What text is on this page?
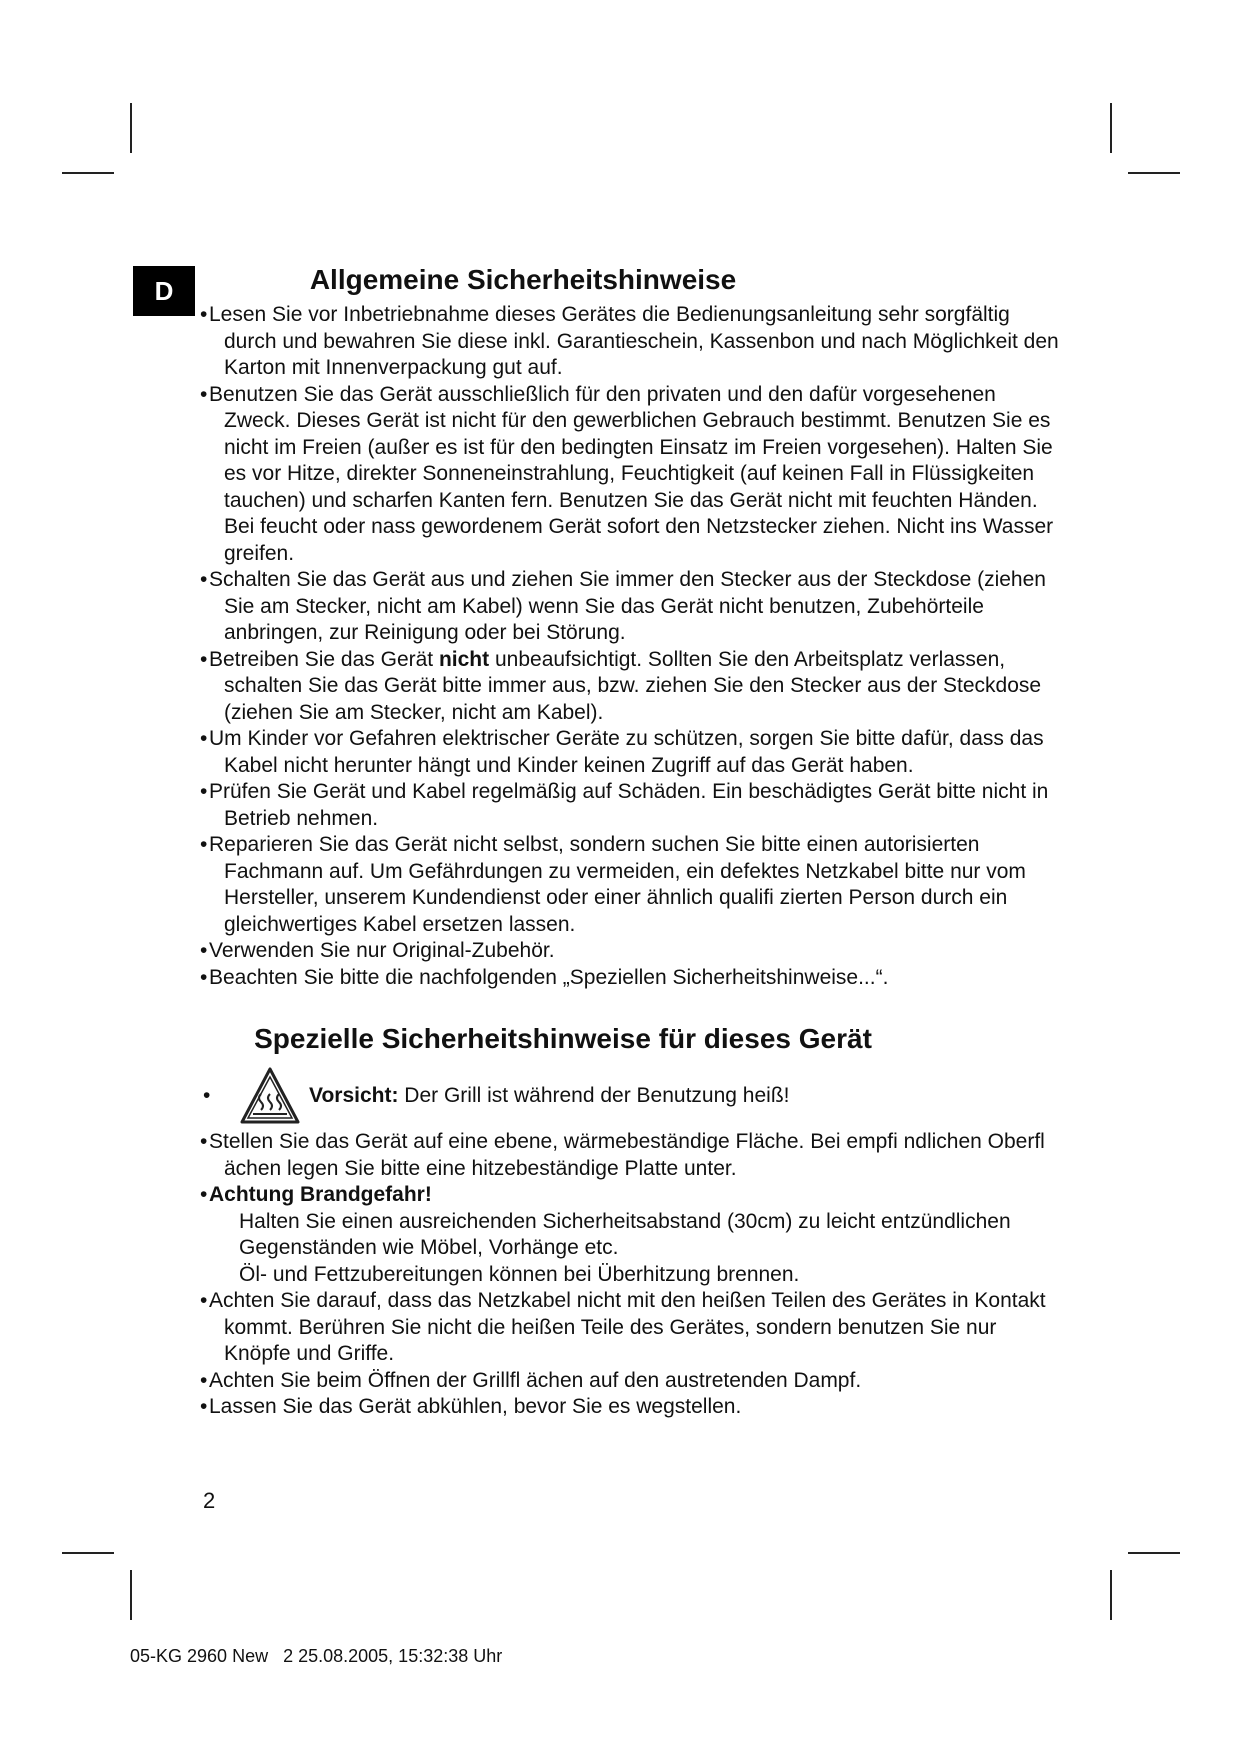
D	Allgemeine Sicherheitshinweise
• Lesen Sie vor Inbetriebnahme dieses Gerätes die Bedienungsanleitung sehr sorgfältig durch und bewahren Sie diese inkl. Garantieschein, Kassenbon und nach Möglichkeit den Karton mit Innenverpackung gut auf.
• Benutzen Sie das Gerät ausschließlich für den privaten und den dafür vorgesehenen Zweck. Dieses Gerät ist nicht für den gewerblichen Gebrauch bestimmt. Benutzen Sie es nicht im Freien (außer es ist für den bedingten Einsatz im Freien vorgesehen). Halten Sie es vor Hitze, direkter Sonneneinstrahlung, Feuchtigkeit (auf keinen Fall in Flüssigkeiten tauchen) und scharfen Kanten fern. Benutzen Sie das Gerät nicht mit feuchten Händen. Bei feucht oder nass gewordenem Gerät sofort den Netzstecker ziehen. Nicht ins Wasser greifen.
• Schalten Sie das Gerät aus und ziehen Sie immer den Stecker aus der Steckdose (ziehen Sie am Stecker, nicht am Kabel) wenn Sie das Gerät nicht benutzen, Zubehörteile anbringen, zur Reinigung oder bei Störung.
• Betreiben Sie das Gerät nicht unbeaufsichtigt. Sollten Sie den Arbeitsplatz verlassen, schalten Sie das Gerät bitte immer aus, bzw. ziehen Sie den Stecker aus der Steckdose (ziehen Sie am Stecker, nicht am Kabel).
• Um Kinder vor Gefahren elektrischer Geräte zu schützen, sorgen Sie bitte dafür, dass das Kabel nicht herunter hängt und Kinder keinen Zugriff auf das Gerät haben.
• Prüfen Sie Gerät und Kabel regelmäßig auf Schäden. Ein beschädigtes Gerät bitte nicht in Betrieb nehmen.
• Reparieren Sie das Gerät nicht selbst, sondern suchen Sie bitte einen autorisierten Fachmann auf. Um Gefährdungen zu vermeiden, ein defektes Netzkabel bitte nur vom Hersteller, unserem Kundendienst oder einer ähnlich qualifi zierten Person durch ein gleichwertiges Kabel ersetzen lassen.
• Verwenden Sie nur Original-Zubehör.
• Beachten Sie bitte die nachfolgenden „Speziellen Sicherheitshinweise...“.
Spezielle Sicherheitshinweise für dieses Gerät
•	Vorsicht: Der Grill ist während der Benutzung heiß!
• Stellen Sie das Gerät auf eine ebene, wärmebeständige Fläche. Bei empfi ndlichen Oberfl ächen legen Sie bitte eine hitzebeständige Platte unter.
• Achtung Brandgefahr!
Halten Sie einen ausreichenden Sicherheitsabstand (30cm) zu leicht entzündlichen Gegenständen wie Möbel, Vorhänge etc.
Öl- und Fettzubereitungen können bei Überhitzung brennen.
• Achten Sie darauf, dass das Netzkabel nicht mit den heißen Teilen des Gerätes in Kontakt kommt. Berühren Sie nicht die heißen Teile des Gerätes, sondern benutzen Sie nur Knöpfe und Griffe.
• Achten Sie beim Öffnen der Grillfl ächen auf den austretenden Dampf.
• Lassen Sie das Gerät abkühlen, bevor Sie es wegstellen.
2
05-KG 2960 New   2 25.08.2005, 15:32:38 Uhr
